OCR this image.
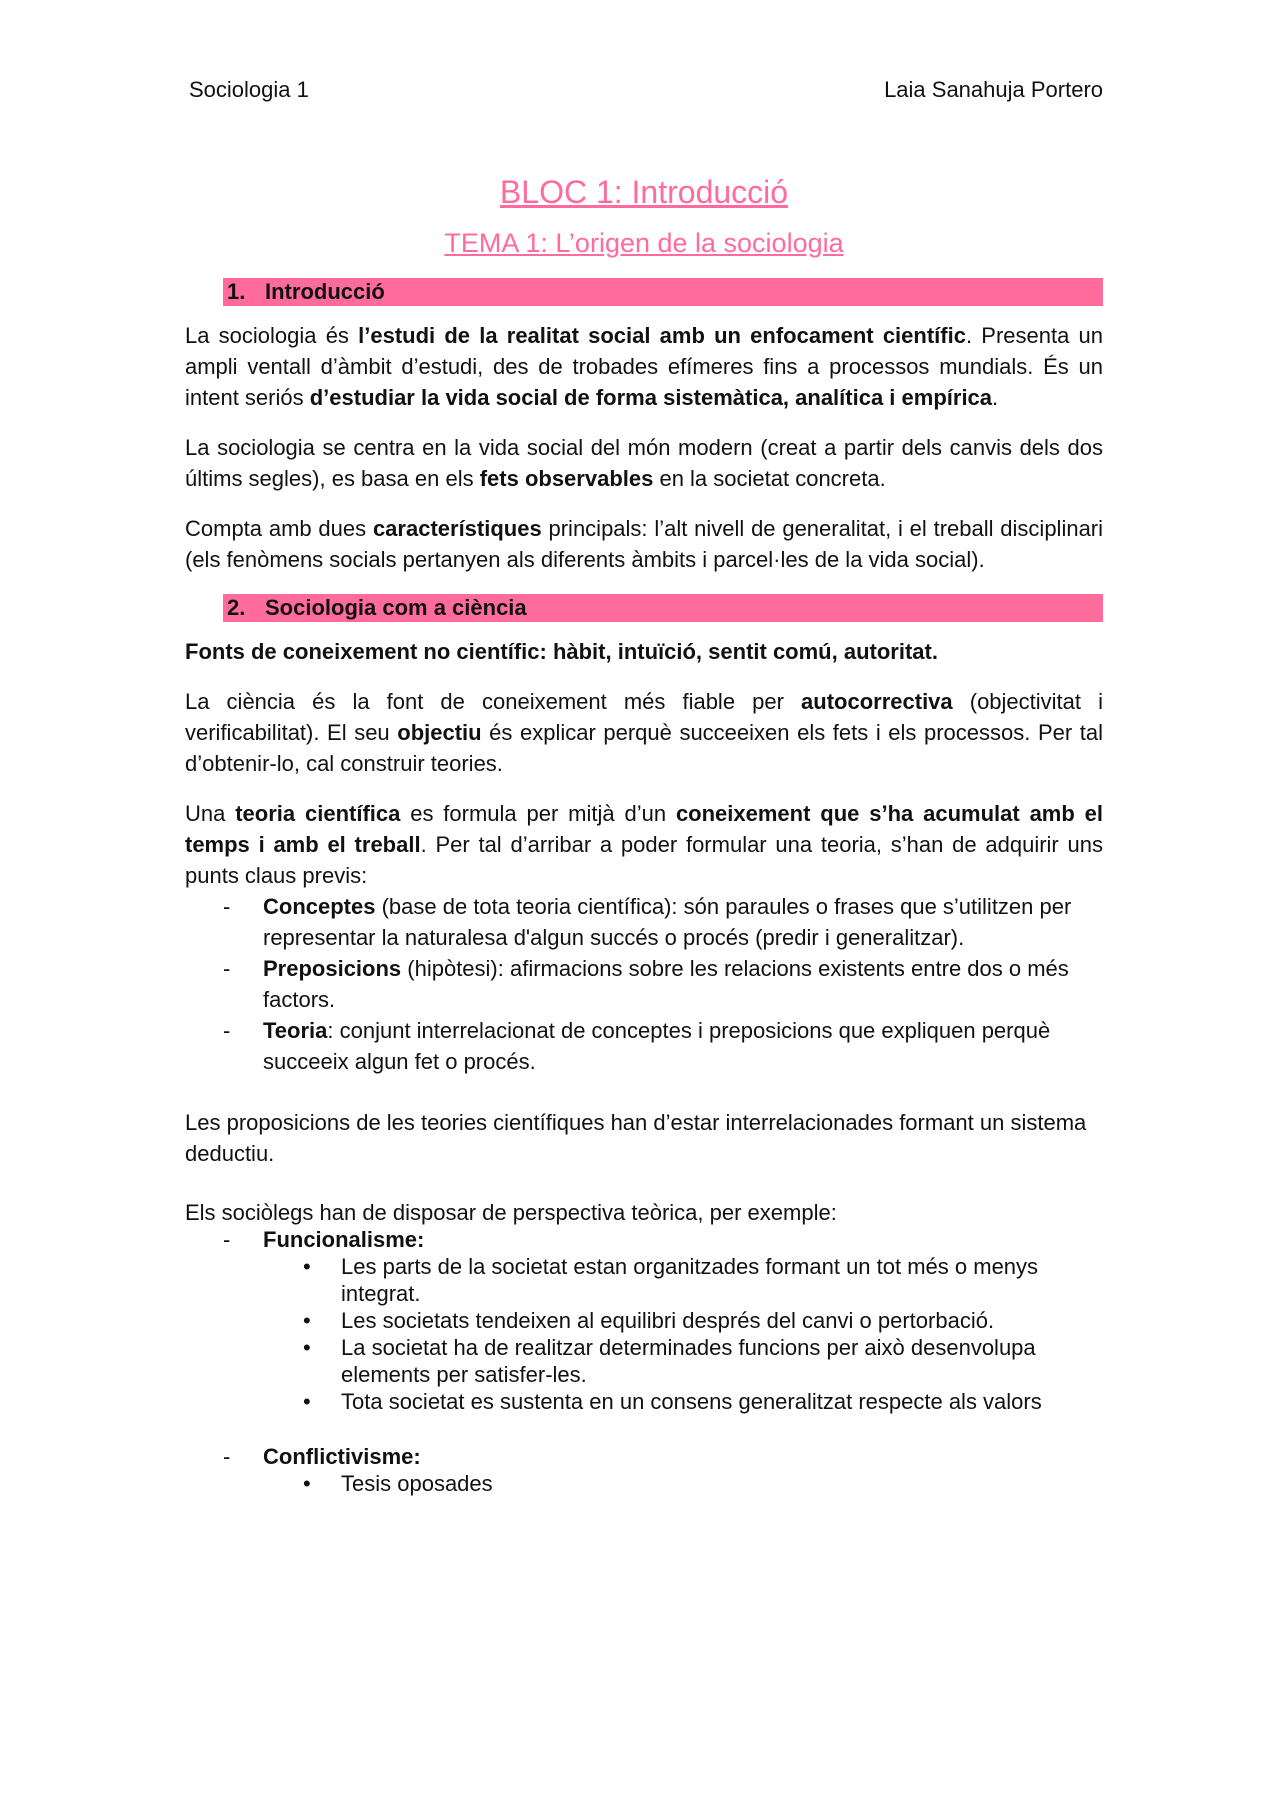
Sociologia 1	Laia Sanahuja Portero
BLOC 1: Introducció
TEMA 1: L’origen de la sociologia
1. Introducció

La sociologia és l’estudi de la realitat social amb un enfocament científic. Presenta un ampli ventall d’àmbit d’estudi, des de trobades efímeres fins a processos mundials. És un intent seriós d’estudiar la vida social de forma sistemàtica, analítica i empírica.

La sociologia se centra en la vida social del món modern (creat a partir dels canvis dels dos últims segles), es basa en els fets observables en la societat concreta.

Compta amb dues característiques principals: l’alt nivell de generalitat, i el treball disciplinari (els fenòmens socials pertanyen als diferents àmbits i parcel·les de la vida social).

2. Sociologia com a ciència

Fonts de coneixement no científic: hàbit, intuïció, sentit comú, autoritat.

La ciència és la font de coneixement més fiable per autocorrectiva (objectivitat i verificabilitat). El seu objectiu és explicar perquè succeeixen els fets i els processos. Per tal d’obtenir-lo, cal construir teories.

Una teoria científica es formula per mitjà d’un coneixement que s’ha acumulat amb el temps i amb el treball. Per tal d’arribar a poder formular una teoria, s’han de adquirir uns punts claus previs:

- Conceptes (base de tota teoria científica): són paraules o frases que s’utilitzen per representar la naturalesa d'algun succés o procés (predir i generalitzar).
- Preposicions (hipòtesi): afirmacions sobre les relacions existents entre dos o més factors.
- Teoria: conjunt interrelacionat de conceptes i preposicions que expliquen perquè succeeix algun fet o procés.

Les proposicions de les teories científiques han d’estar interrelacionades formant un sistema deductiu.

Els sociòlegs han de disposar de perspectiva teòrica, per exemple:

- Funcionalisme:
• Les parts de la societat estan organitzades formant un tot més o menys integrat.
• Les societats tendeixen al equilibri després del canvi o pertorbació.
• La societat ha de realitzar determinades funcions per això desenvolupa elements per satisfer-les.
• Tota societat es sustenta en un consens generalitzat respecte als valors
- Conflictivisme:
• Tesis oposades
